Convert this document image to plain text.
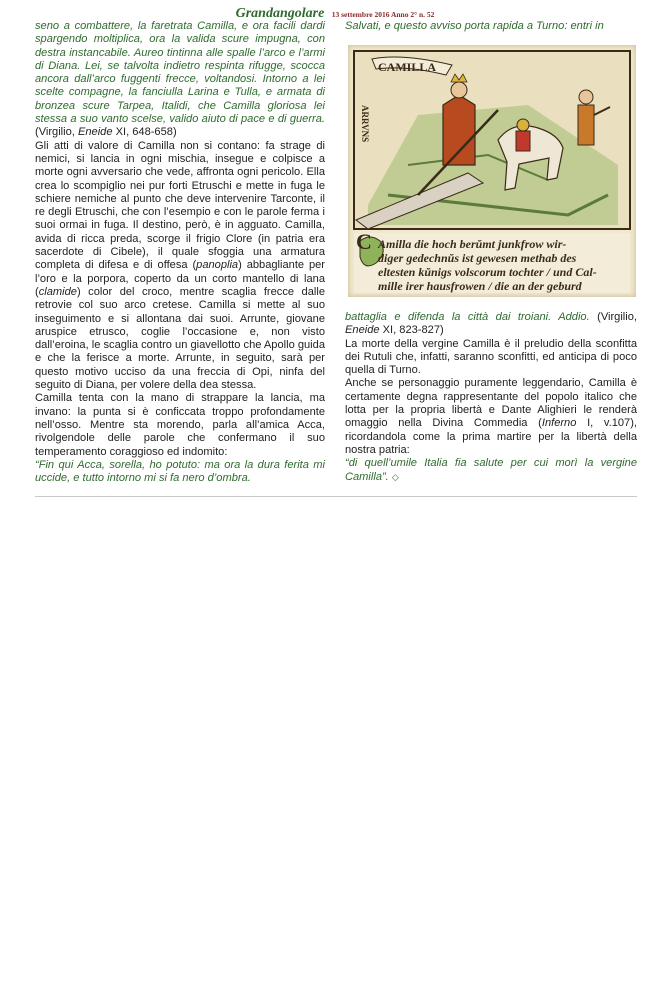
Grandangolare 13 settembre 2016 Anno 2° n. 52

seno a combattere, la faretrata Camilla, e ora facili dardi spargendo moltiplica, ora la valida scure impugna, con destra instancabile. Aureo tintinna alle spalle l’arco e l’armi di Diana. Lei, se talvolta indietro respinta rifugge, scocca ancora dall’arco fuggenti frecce, voltandosi. Intorno a lei scelte compagne, la fanciulla Larina e Tulla, e armata di bronzea scure Tarpea, Italidi, che Camilla gloriosa lei stessa a suo vanto scelse, valido aiuto di pace e di guerra. (Virgilio, Eneide XI, 648-658)

Gli atti di valore di Camilla non si contano: fa strage di nemici, si lancia in ogni mischia, insegue e colpisce a morte ogni avversario che vede, affronta ogni pericolo. Ella crea lo scompiglio nei pur forti Etruschi e mette in fuga le schiere nemiche al punto che deve intervenire Tarconte, il re degli Etruschi, che con l’esempio e con le parole ferma i suoi ormai in fuga. Il destino, però, è in agguato. Camilla, avida di ricca preda, scorge il frigio Clore (in patria era sacerdote di Cibele), il quale sfoggia una armatura completa di difesa e di offesa (panoplia) abbagliante per l’oro e la porpora, coperto da un corto mantello di lana (clamide) color del croco, mentre scaglia frecce dalle retrovie col suo arco cretese. Camilla si mette al suo inseguimento e si allontana dai suoi. Arrunte, giovane aruspice etrusco, coglie l’occasione e, non visto dall’eroina, le scaglia contro un giavellotto che Apollo guida e che la ferisce a morte. Arrunte, in seguito, sarà per questo motivo ucciso da una freccia di Opi, ninfa del seguito di Diana, per volere della dea stessa.

Camilla tenta con la mano di strappare la lancia, ma invano: la punta si è conficcata troppo profondamente nell’osso. Mentre sta morendo, parla all’amica Acca, rivolgendole delle parole che confermano il suo temperamento coraggioso ed indomito:

“Fin qui Acca, sorella, ho potuto: ma ora la dura ferita mi uccide, e tutto intorno mi si fa nero d’ombra.

Salvati, e questo avviso porta rapida a Turno: entri in

CAMILLA
ARRVNS
C Amilla die hoch berŭmt junkfrow wir-
diger gedechnŭs ist gewesen methab des
eltesten kŭnigs volscorum tochter / und Cal-
mille irer hausfrowen / die an der geburd

battaglia e difenda la città dai troiani. Addio. (Virgilio, Eneide XI, 823-827)

La morte della vergine Camilla è il preludio della sconfitta dei Rutuli che, infatti, saranno sconfitti, ed anticipa di poco quella di Turno.

Anche se personaggio puramente leggendario, Camilla è certamente degna rappresentante del popolo italico che lotta per la propria libertà e Dante Alighieri le renderà omaggio nella Divina Commedia (Inferno I, v.107), ricordandola come la prima martire per la libertà della nostra patria:

“di quell’umile Italia fia salute per cui morì la vergine Camilla”. ◇
